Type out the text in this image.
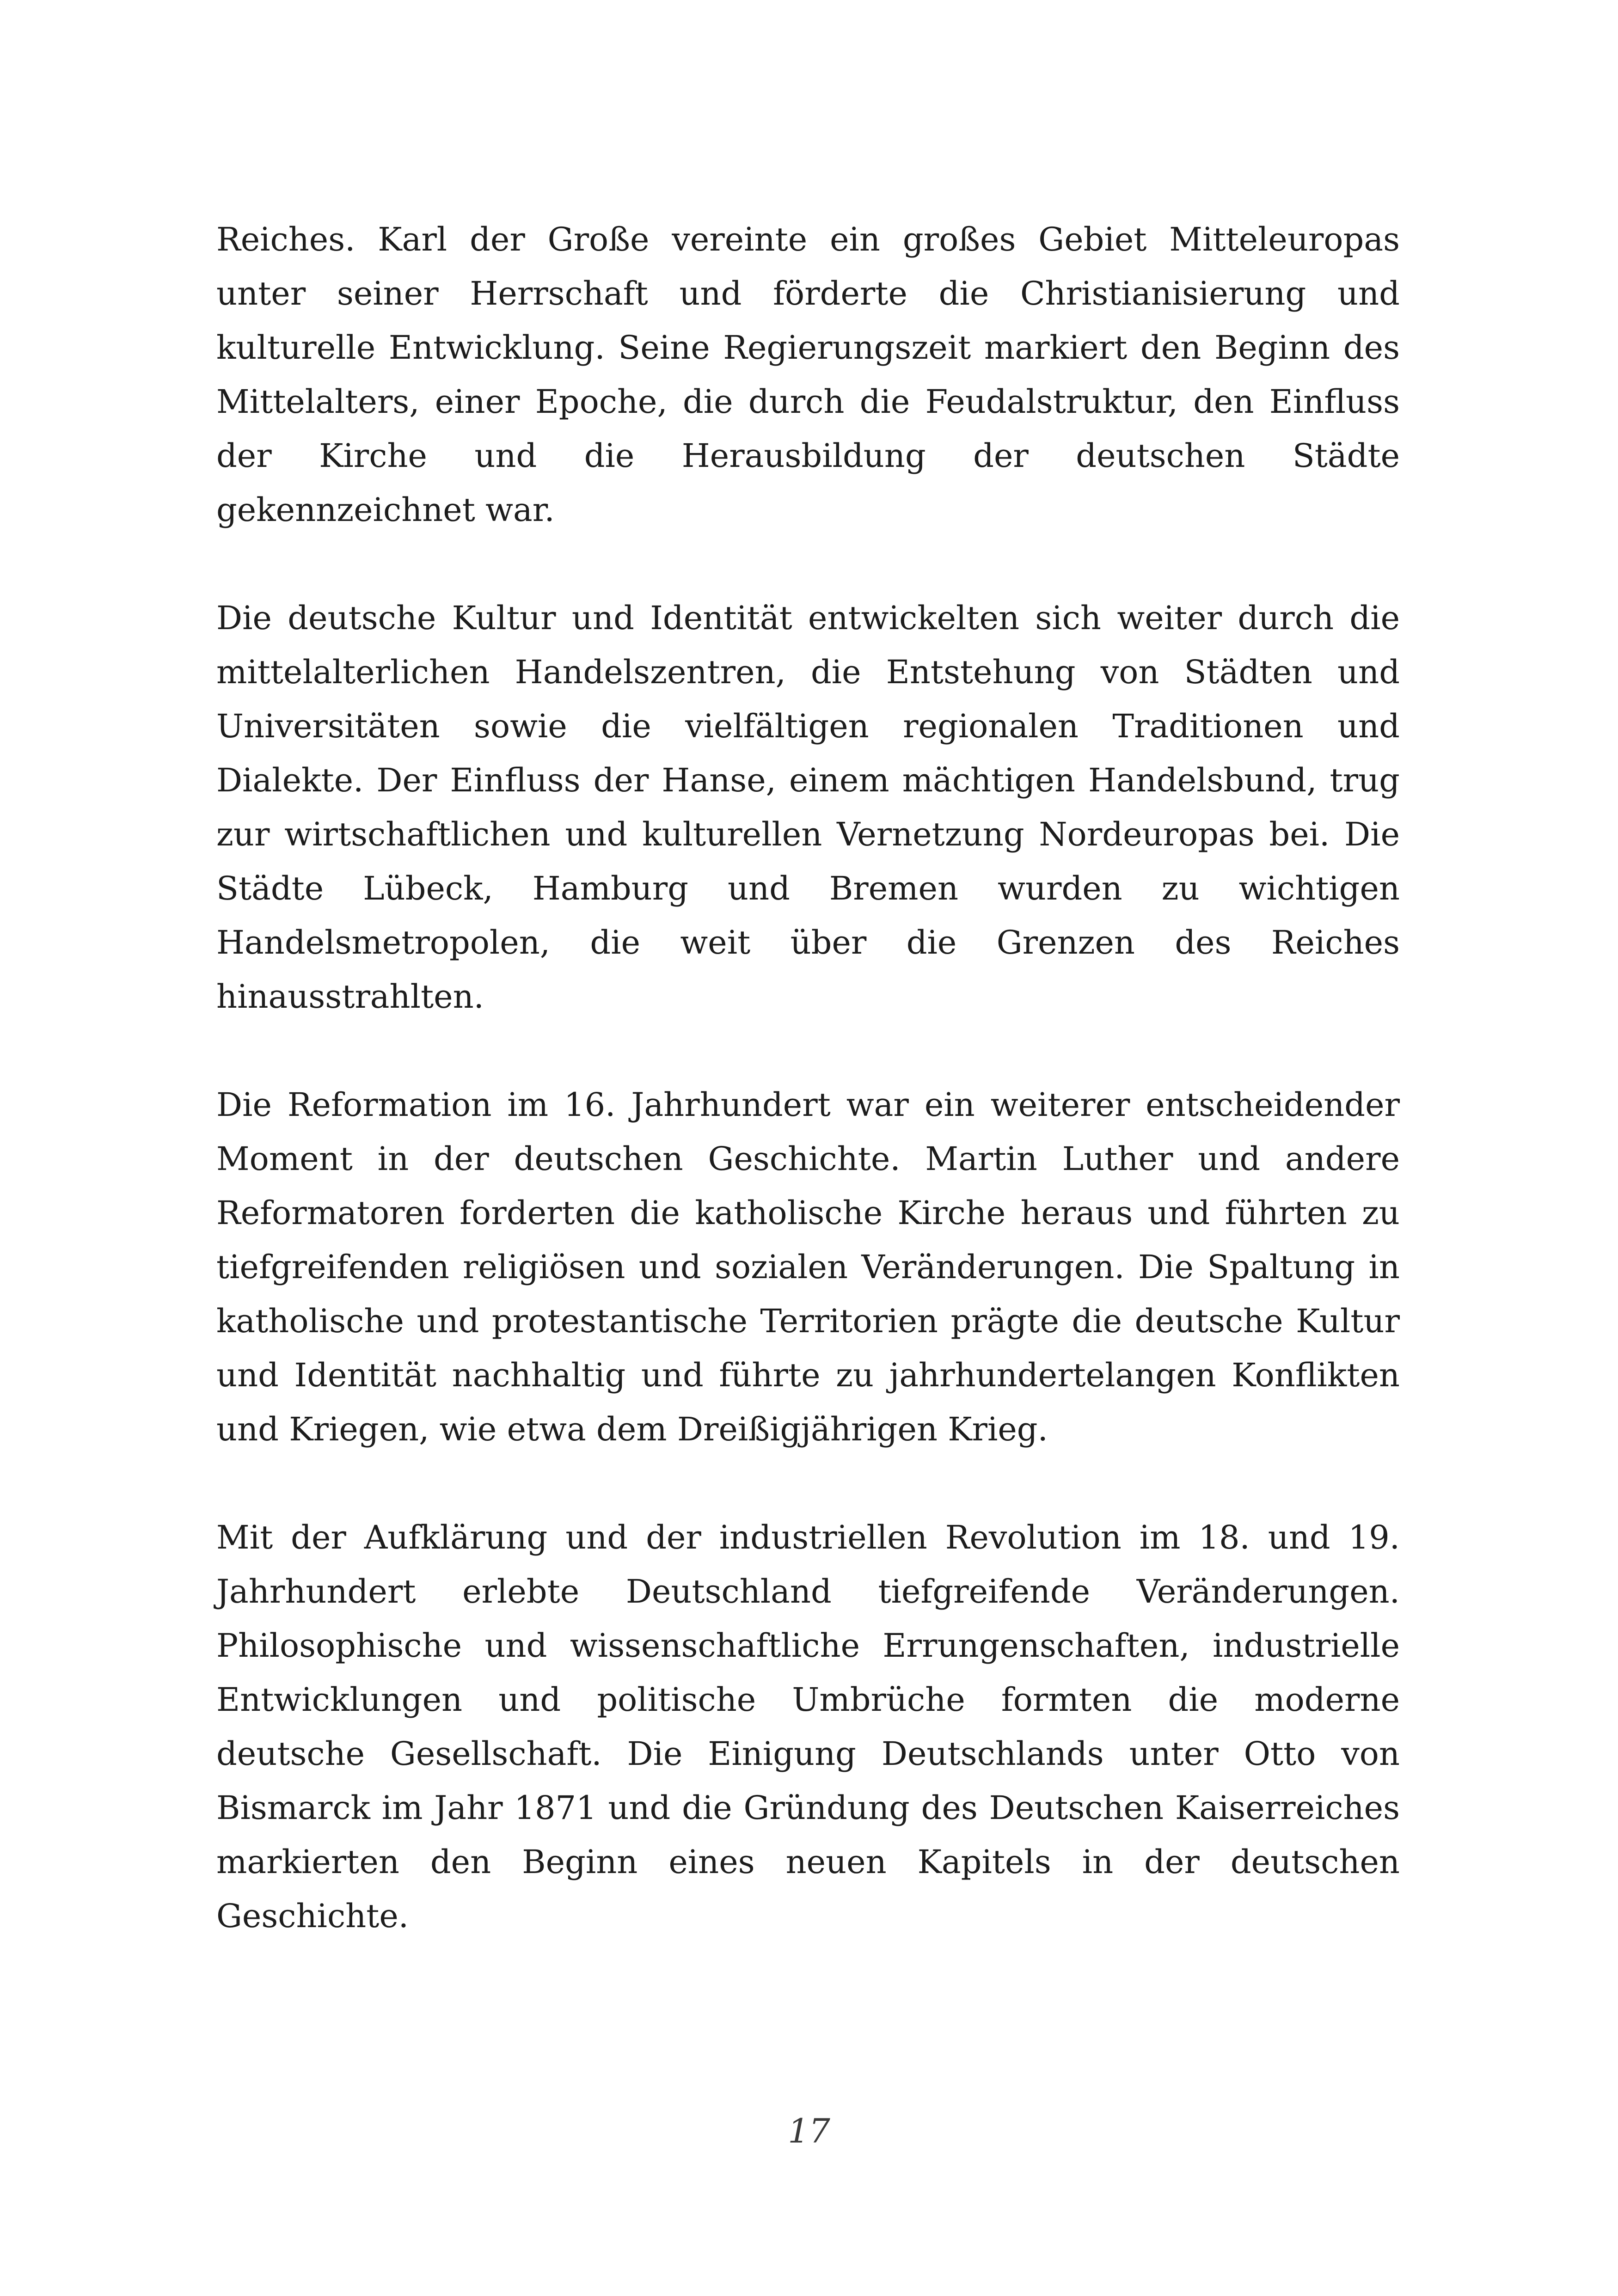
Reiches. Karl der Große vereinte ein großes Gebiet Mitteleuropas unter seiner Herrschaft und förderte die Christianisierung und kulturelle Entwicklung. Seine Regierungszeit markiert den Beginn des Mittelalters, einer Epoche, die durch die Feudalstruktur, den Einfluss der Kirche und die Herausbildung der deutschen Städte gekennzeichnet war.

Die deutsche Kultur und Identität entwickelten sich weiter durch die mittelalterlichen Handelszentren, die Entstehung von Städten und Universitäten sowie die vielfältigen regionalen Traditionen und Dialekte. Der Einfluss der Hanse, einem mächtigen Handelsbund, trug zur wirtschaftlichen und kulturellen Vernetzung Nordeuropas bei. Die Städte Lübeck, Hamburg und Bremen wurden zu wichtigen Handelsmetropolen, die weit über die Grenzen des Reiches hinausstrahlten.

Die Reformation im 16. Jahrhundert war ein weiterer entscheidender Moment in der deutschen Geschichte. Martin Luther und andere Reformatoren forderten die katholische Kirche heraus und führten zu tiefgreifenden religiösen und sozialen Veränderungen. Die Spaltung in katholische und protestantische Territorien prägte die deutsche Kultur und Identität nachhaltig und führte zu jahrhundertelangen Konflikten und Kriegen, wie etwa dem Dreißigjährigen Krieg.

Mit der Aufklärung und der industriellen Revolution im 18. und 19. Jahrhundert erlebte Deutschland tiefgreifende Veränderungen. Philosophische und wissenschaftliche Errungenschaften, industrielle Entwicklungen und politische Umbrüche formten die moderne deutsche Gesellschaft. Die Einigung Deutschlands unter Otto von Bismarck im Jahr 1871 und die Gründung des Deutschen Kaiserreiches markierten den Beginn eines neuen Kapitels in der deutschen Geschichte.

17
